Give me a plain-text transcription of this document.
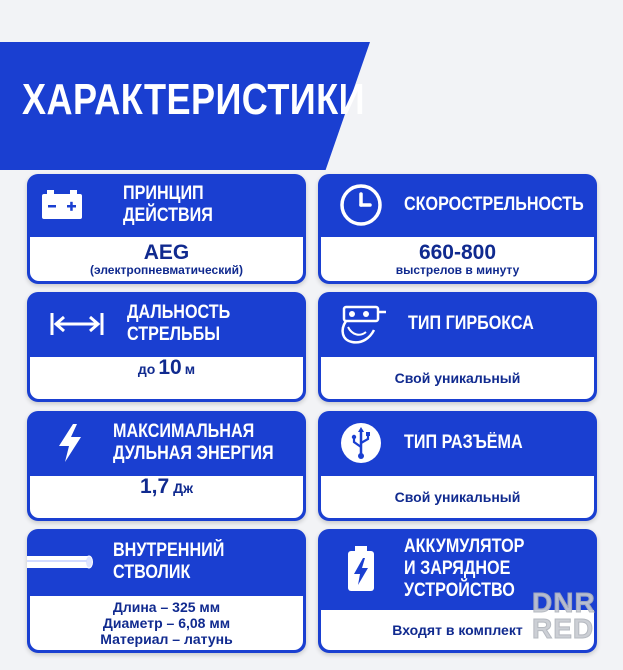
ХАРАКТЕРИСТИКИ
ПРИНЦИП ДЕЙСТВИЯ
AEG
(электропневматический)
СКОРОСТРЕЛЬНОСТЬ
660-800
выстрелов в минуту
ДАЛЬНОСТЬ
СТРЕЛЬБЫ
до 10 м
ТИП ГИРБОКСА
Свой уникальный
МАКСИМАЛЬНАЯ
ДУЛЬНАЯ ЭНЕРГИЯ
1,7 Дж
ТИП РАЗЪЁМА
Свой уникальный
ВНУТРЕННИЙ
СТВОЛИК
Длина – 325 мм
Диаметр – 6,08 мм
Материал – латунь
АККУМУЛЯТОР
И ЗАРЯДНОЕ
УСТРОЙСТВО
Входят в комплект
DNR
RED
